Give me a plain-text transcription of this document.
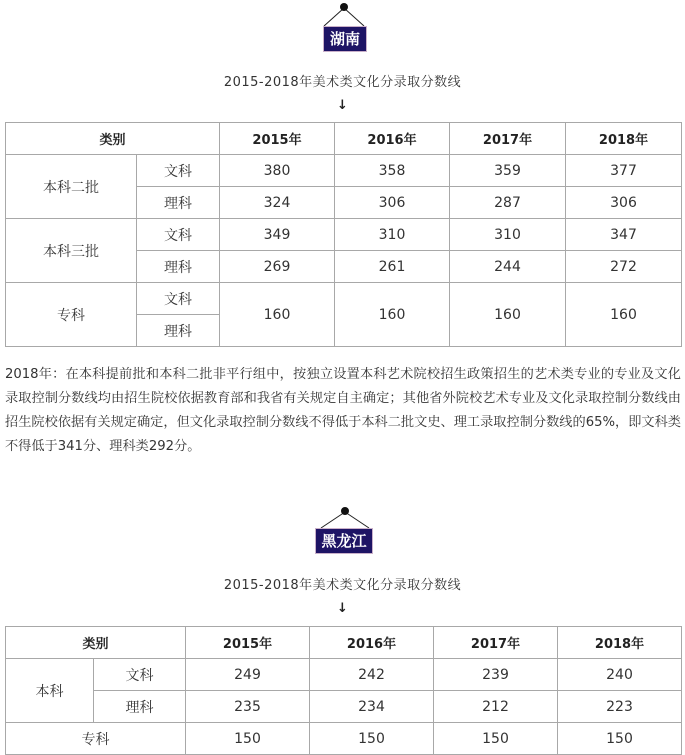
湖南
2015-2018年美术类文化分录取分数线
↓
类别		2015年	2016年	2017年	2018年
本科二批	文科	380	358	359	377
	理科	324	306	287	306
本科三批	文科	349	310	310	347
	理科	269	261	244	272
专科	文科	160	160	160	160
	理科				
2018年：在本科提前批和本科二批非平行组中，按独立设置本科艺术院校招生政策招生的艺术类专业的专业及文化录取控制分数线均由招生院校依据教育部和我省有关规定自主确定；其他省外院校艺术专业及文化录取控制分数线由招生院校依据有关规定确定，但文化录取控制分数线不得低于本科二批文史、理工录取控制分数线的65%，即文科类不得低于341分、理科类292分。
黑龙江
2015-2018年美术类文化分录取分数线
↓
类别		2015年	2016年	2017年	2018年
本科	文科	249	242	239	240
	理科	235	234	212	223
专科		150	150	150	150
